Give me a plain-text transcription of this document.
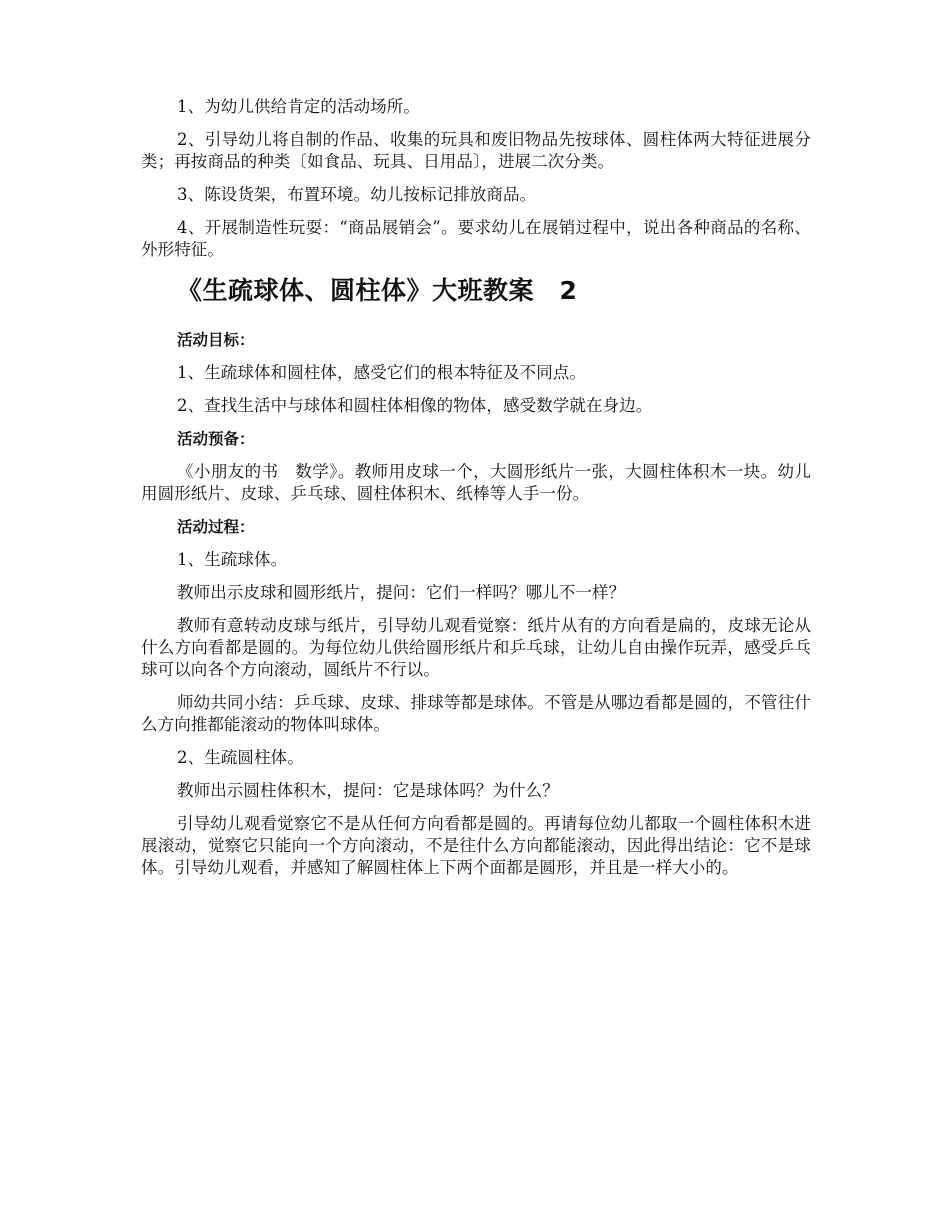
1、为幼儿供给肯定的活动场所。

2、引导幼儿将自制的作品、收集的玩具和废旧物品先按球体、圆柱体两大特征进展分类；再按商品的种类〔如食品、玩具、日用品〕，进展二次分类。

3、陈设货架，布置环境。幼儿按标记排放商品。

4、开展制造性玩耍：“商品展销会”。要求幼儿在展销过程中，说出各种商品的名称、外形特征。

《生疏球体、圆柱体》大班教案　2
活动目标：

1、生疏球体和圆柱体，感受它们的根本特征及不同点。

2、查找生活中与球体和圆柱体相像的物体，感受数学就在身边。

活动预备：

《小朋友的书　数学》。教师用皮球一个，大圆形纸片一张，大圆柱体积木一块。幼儿用圆形纸片、皮球、乒乓球、圆柱体积木、纸棒等人手一份。

活动过程：

1、生疏球体。

教师出示皮球和圆形纸片，提问：它们一样吗？哪儿不一样？

教师有意转动皮球与纸片，引导幼儿观看觉察：纸片从有的方向看是扁的，皮球无论从什么方向看都是圆的。为每位幼儿供给圆形纸片和乒乓球，让幼儿自由操作玩弄，感受乒乓球可以向各个方向滚动，圆纸片不行以。

师幼共同小结：乒乓球、皮球、排球等都是球体。不管是从哪边看都是圆的，不管往什么方向推都能滚动的物体叫球体。

2、生疏圆柱体。

教师出示圆柱体积木，提问：它是球体吗？为什么？

引导幼儿观看觉察它不是从任何方向看都是圆的。再请每位幼儿都取一个圆柱体积木进展滚动，觉察它只能向一个方向滚动，不是往什么方向都能滚动，因此得出结论：它不是球体。引导幼儿观看，并感知了解圆柱体上下两个面都是圆形，并且是一样大小的。
